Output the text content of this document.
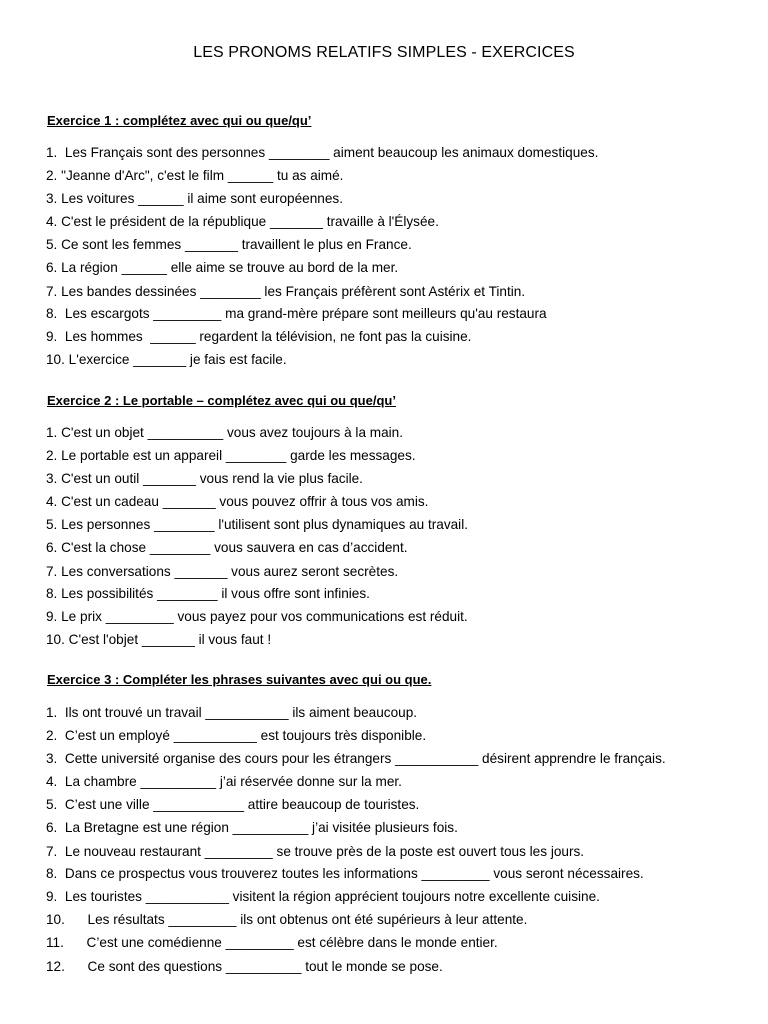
LES PRONOMS RELATIFS SIMPLES - EXERCICES
Exercice 1 : complétez avec qui ou que/qu’
1.  Les Français sont des personnes ________ aiment beaucoup les animaux domestiques.
2. "Jeanne d'Arc", c'est le film ______ tu as aimé.
3. Les voitures ______ il aime sont européennes.
4. C'est le président de la république _______ travaille à l'Élysée.
5. Ce sont les femmes _______ travaillent le plus en France.
6. La région ______ elle aime se trouve au bord de la mer.
7. Les bandes dessinées ________ les Français préfèrent sont Astérix et Tintin.
8.  Les escargots _________ ma grand-mère prépare sont meilleurs qu'au restaura
9.  Les hommes  ______ regardent la télévision, ne font pas la cuisine.
10. L'exercice _______ je fais est facile.
Exercice 2 : Le portable – complétez avec qui ou que/qu’
1. C'est un objet __________ vous avez toujours à la main.
2. Le portable est un appareil ________ garde les messages.
3. C'est un outil _______ vous rend la vie plus facile.
4. C'est un cadeau _______ vous pouvez offrir à tous vos amis.
5. Les personnes ________ l'utilisent sont plus dynamiques au travail.
6. C'est la chose ________ vous sauvera en cas d’accident.
7. Les conversations _______ vous aurez seront secrètes.
8. Les possibilités ________ il vous offre sont infinies.
9. Le prix _________ vous payez pour vos communications est réduit.
10. C'est l'objet _______ il vous faut !
Exercice 3 : Compléter les phrases suivantes avec qui ou que.
1.  Ils ont trouvé un travail ___________ ils aiment beaucoup.
2.  C’est un employé ___________ est toujours très disponible.
3.  Cette université organise des cours pour les étrangers ___________ désirent apprendre le français.
4.  La chambre __________ j’ai réservée donne sur la mer.
5.  C’est une ville ____________ attire beaucoup de touristes.
6.  La Bretagne est une région __________ j’ai visitée plusieurs fois.
7.  Le nouveau restaurant _________ se trouve près de la poste est ouvert tous les jours.
8.  Dans ce prospectus vous trouverez toutes les informations _________ vous seront nécessaires.
9.  Les touristes ___________ visitent la région apprécient toujours notre excellente cuisine.
10.      Les résultats _________ ils ont obtenus ont été supérieurs à leur attente.
11.      C’est une comédienne _________ est célèbre dans le monde entier.
12.      Ce sont des questions __________ tout le monde se pose.
